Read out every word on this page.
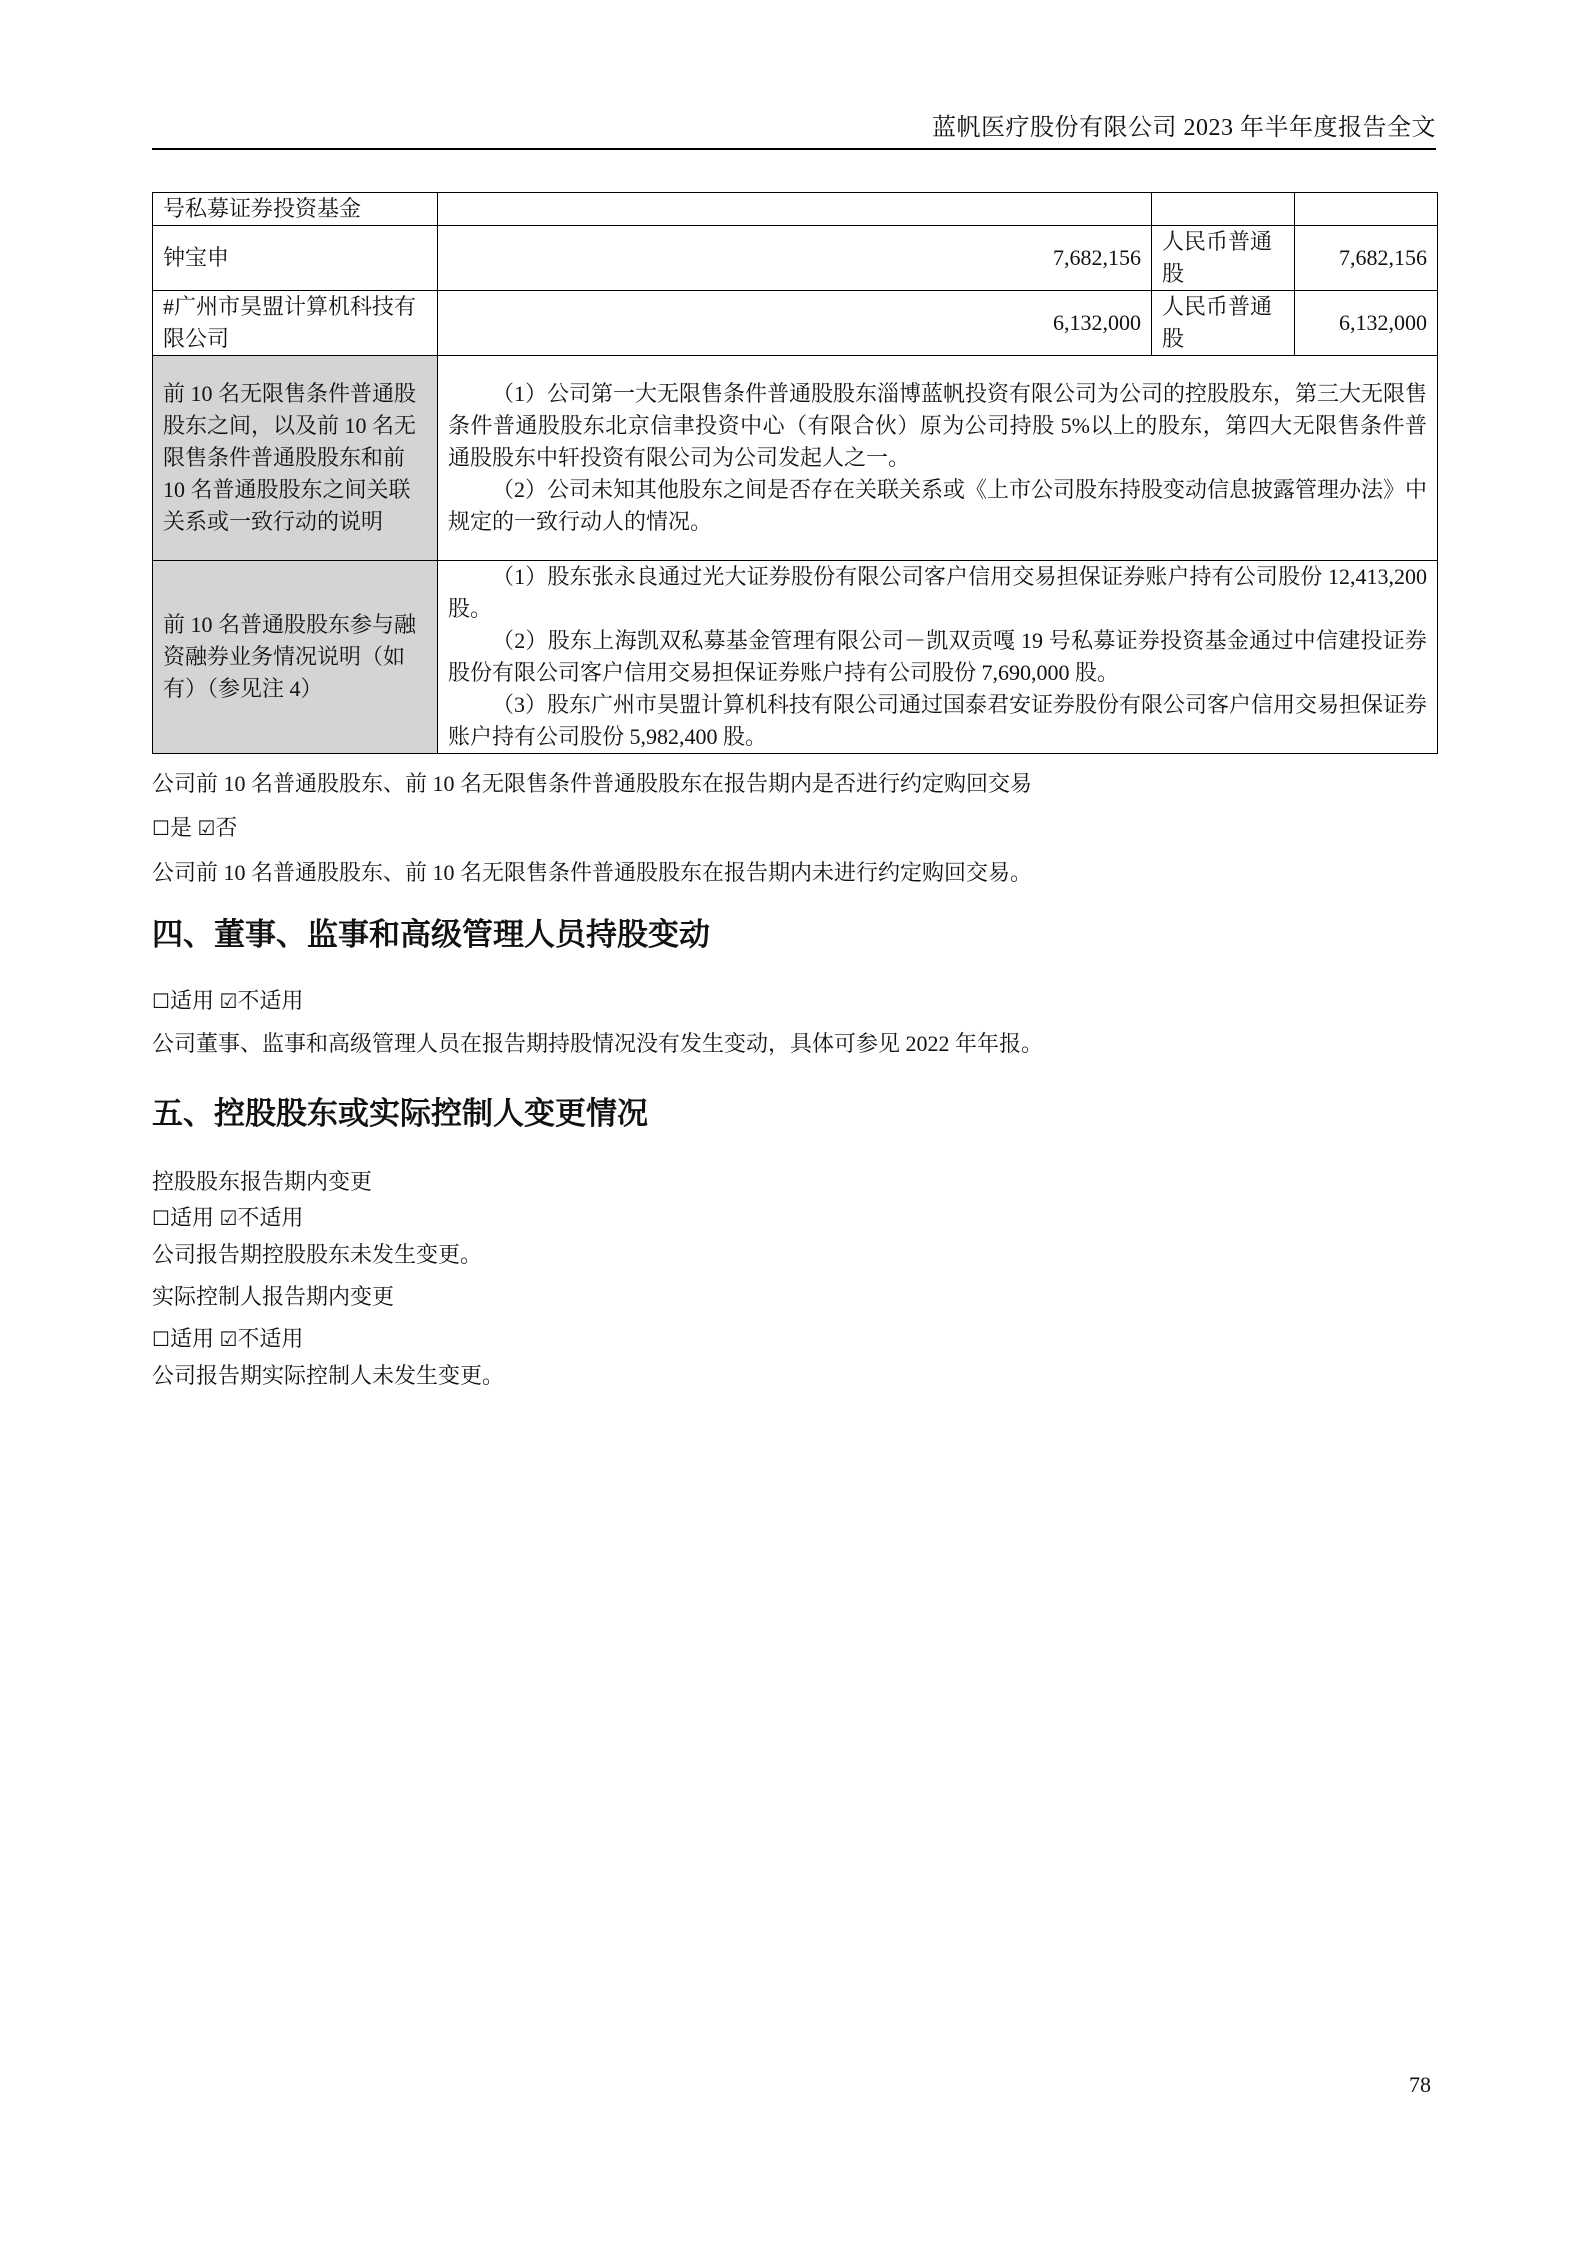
蓝帆医疗股份有限公司 2023 年半年度报告全文
号私募证券投资基金			
钟宝申	7,682,156	人民币普通股	7,682,156
#广州市昊盟计算机科技有限公司	6,132,000	人民币普通股	6,132,000
前 10 名无限售条件普通股股东之间，以及前 10 名无限售条件普通股股东和前 10 名普通股股东之间关联关系或一致行动的说明	（1）公司第一大无限售条件普通股股东淄博蓝帆投资有限公司为公司的控股股东，第三大无限售条件普通股股东北京信聿投资中心（有限合伙）原为公司持股 5%以上的股东，第四大无限售条件普通股股东中轩投资有限公司为公司发起人之一。

（2）公司未知其他股东之间是否存在关联关系或《上市公司股东持股变动信息披露管理办法》中规定的一致行动人的情况。		

前 10 名普通股股东参与融资融券业务情况说明（如有）（参见注 4）	（1）股东张永良通过光大证券股份有限公司客户信用交易担保证券账户持有公司股份 12,413,200 股。

（2）股东上海凯双私募基金管理有限公司－凯双贡嘎 19 号私募证券投资基金通过中信建投证券股份有限公司客户信用交易担保证券账户持有公司股份 7,690,000 股。

（3）股东广州市昊盟计算机科技有限公司通过国泰君安证券股份有限公司客户信用交易担保证券账户持有公司股份 5,982,400 股。		

公司前 10 名普通股股东、前 10 名无限售条件普通股股东在报告期内是否进行约定购回交易

☐是 ☑否

公司前 10 名普通股股东、前 10 名无限售条件普通股股东在报告期内未进行约定购回交易。

四、董事、监事和高级管理人员持股变动

☐适用 ☑不适用

公司董事、监事和高级管理人员在报告期持股情况没有发生变动，具体可参见 2022 年年报。

五、控股股东或实际控制人变更情况

控股股东报告期内变更

☐适用 ☑不适用

公司报告期控股股东未发生变更。

实际控制人报告期内变更

☐适用 ☑不适用

公司报告期实际控制人未发生变更。

78
